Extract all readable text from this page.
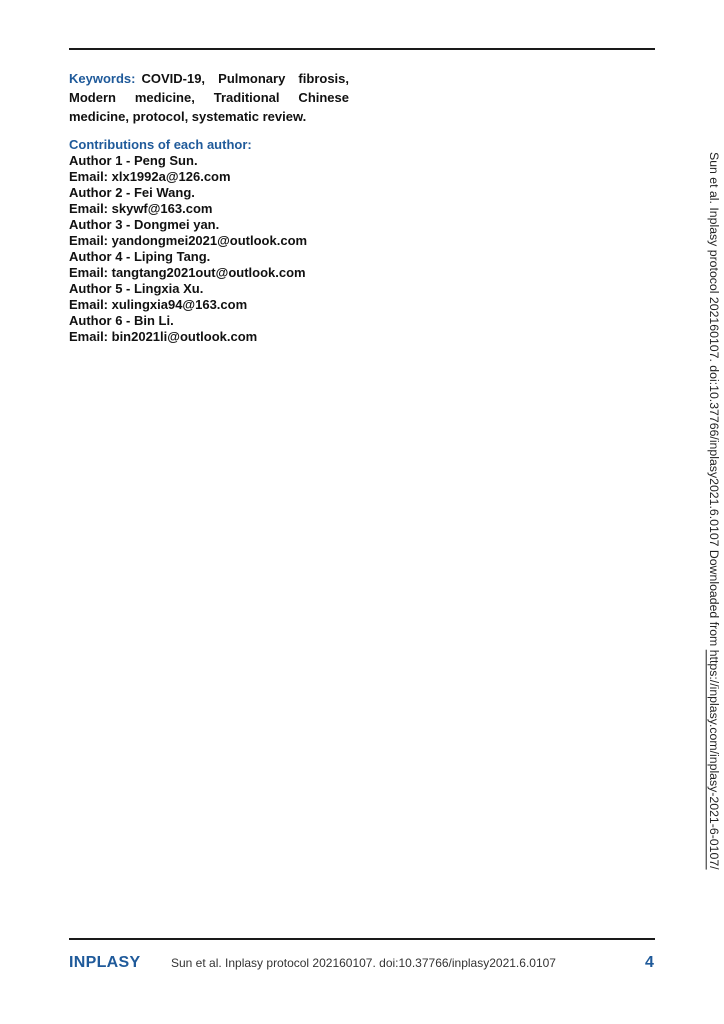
Keywords: COVID-19, Pulmonary fibrosis, Modern medicine, Traditional Chinese medicine, protocol, systematic review.
Contributions of each author:
Author 1 - Peng Sun.
Email: xlx1992a@126.com
Author 2 - Fei Wang.
Email: skywf@163.com
Author 3 - Dongmei yan.
Email: yandongmei2021@outlook.com
Author 4 - Liping Tang.
Email: tangtang2021out@outlook.com
Author 5 - Lingxia Xu.
Email: xulingxia94@163.com
Author 6 - Bin Li.
Email: bin2021li@outlook.com	Sun et al. Inplasy protocol 202160107. doi:10.37766/inplasy2021.6.0107 Downloaded from https://inplasy.com/inplasy-2021-6-0107/
INPLASY	Sun et al. Inplasy protocol 202160107. doi:10.37766/inplasy2021.6.0107	4
